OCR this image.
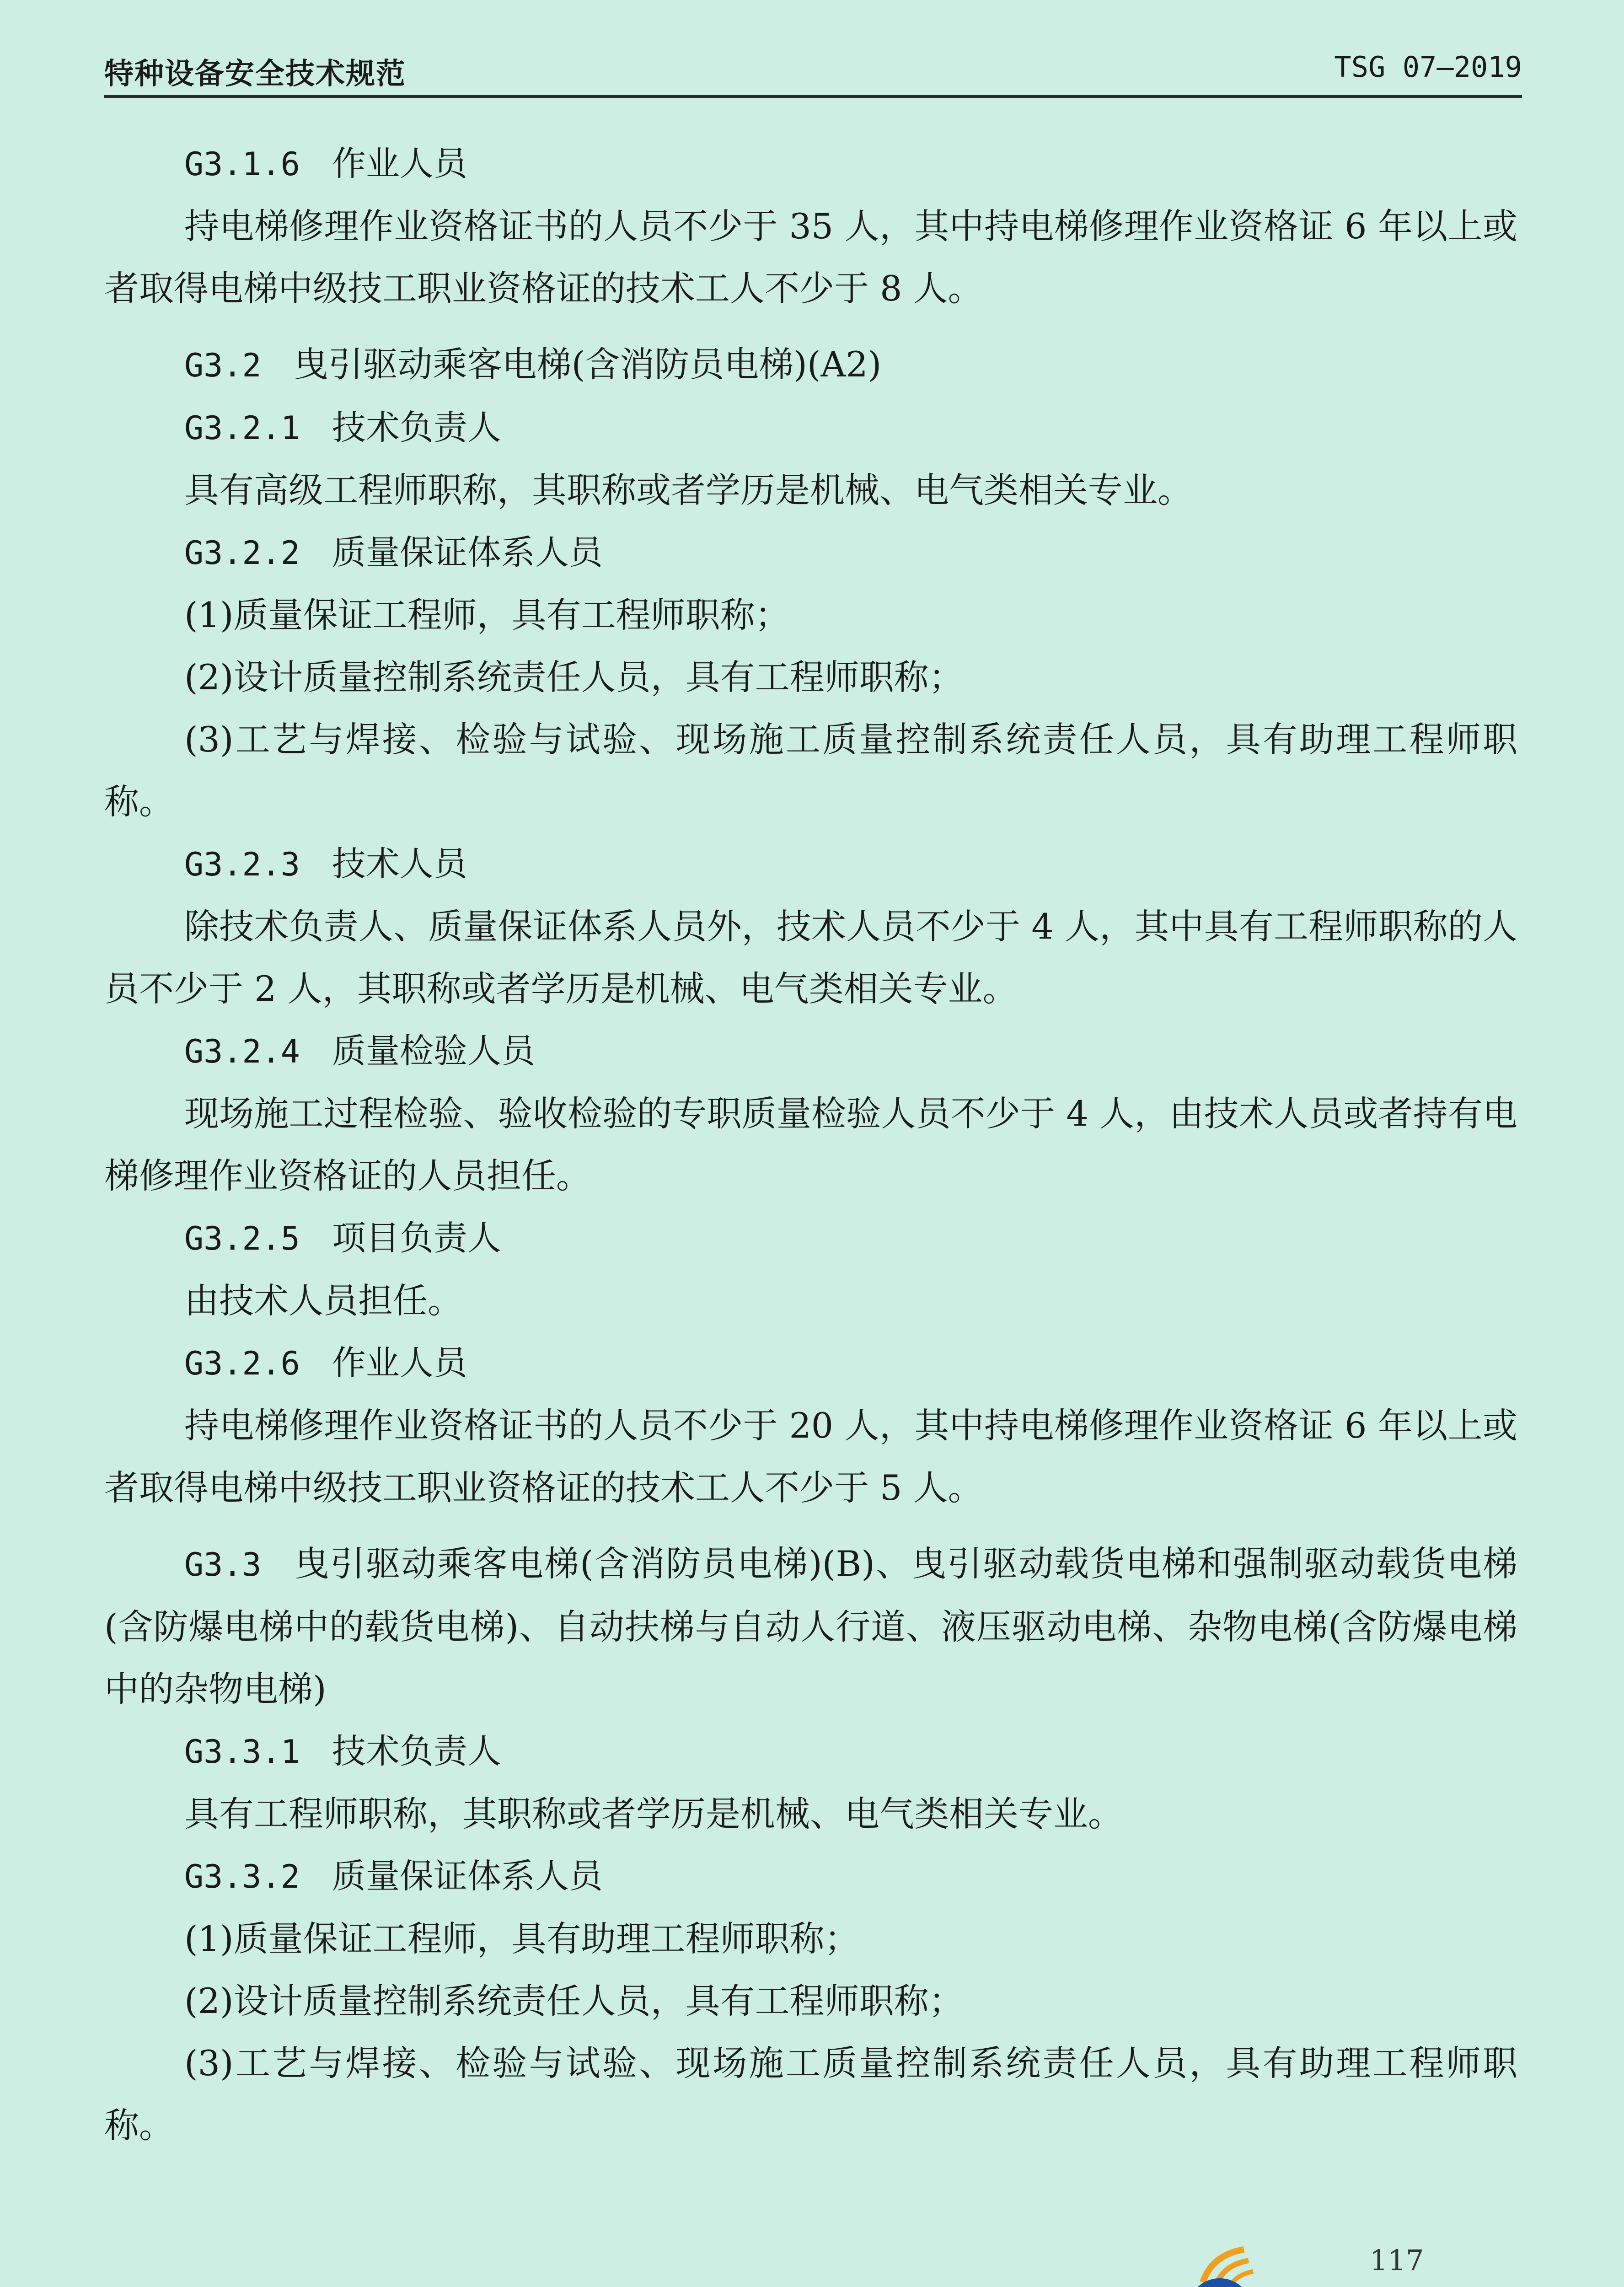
特种设备安全技术规范	TSG 07—2019
G3.1.6 作业人员

持电梯修理作业资格证书的人员不少于 35 人，其中持电梯修理作业资格证 6 年以上或者取得电梯中级技工职业资格证的技术工人不少于 8 人。

G3.2 曳引驱动乘客电梯(含消防员电梯)(A2)
G3.2.1 技术负责人

具有高级工程师职称，其职称或者学历是机械、电气类相关专业。

G3.2.2 质量保证体系人员

(1)质量保证工程师，具有工程师职称；

(2)设计质量控制系统责任人员，具有工程师职称；

(3)工艺与焊接、检验与试验、现场施工质量控制系统责任人员，具有助理工程师职称。

G3.2.3 技术人员

除技术负责人、质量保证体系人员外，技术人员不少于 4 人，其中具有工程师职称的人员不少于 2 人，其职称或者学历是机械、电气类相关专业。

G3.2.4 质量检验人员

现场施工过程检验、验收检验的专职质量检验人员不少于 4 人，由技术人员或者持有电梯修理作业资格证的人员担任。

G3.2.5 项目负责人

由技术人员担任。

G3.2.6 作业人员

持电梯修理作业资格证书的人员不少于 20 人，其中持电梯修理作业资格证 6 年以上或者取得电梯中级技工职业资格证的技术工人不少于 5 人。

G3.3 曳引驱动乘客电梯(含消防员电梯)(B)、曳引驱动载货电梯和强制驱动载货电梯(含防爆电梯中的载货电梯)、自动扶梯与自动人行道、液压驱动电梯、杂物电梯(含防爆电梯中的杂物电梯)
G3.3.1 技术负责人

具有工程师职称，其职称或者学历是机械、电气类相关专业。

G3.3.2 质量保证体系人员

(1)质量保证工程师，具有助理工程师职称；

(2)设计质量控制系统责任人员，具有工程师职称；

(3)工艺与焊接、检验与试验、现场施工质量控制系统责任人员，具有助理工程师职称。

117
